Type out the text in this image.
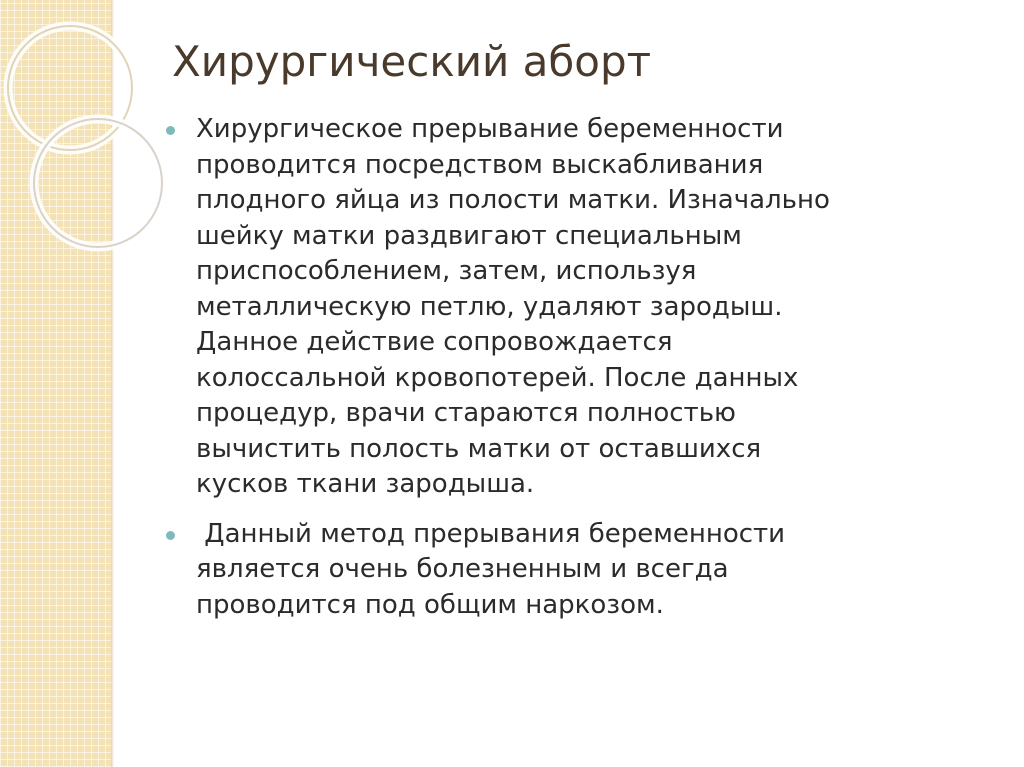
Хирургический аборт
Хирургическое прерывание беременности
проводится посредством выскабливания
плодного яйца из полости матки. Изначально
шейку матки раздвигают специальным
приспособлением, затем, используя
металлическую петлю, удаляют зародыш.
Данное действие сопровождается
колоссальной кровопотерей. После данных
процедур, врачи стараются полностью
вычистить полость матки от оставшихся
кусков ткани зародыша.
Данный метод прерывания беременности
является очень болезненным и всегда
проводится под общим наркозом.
